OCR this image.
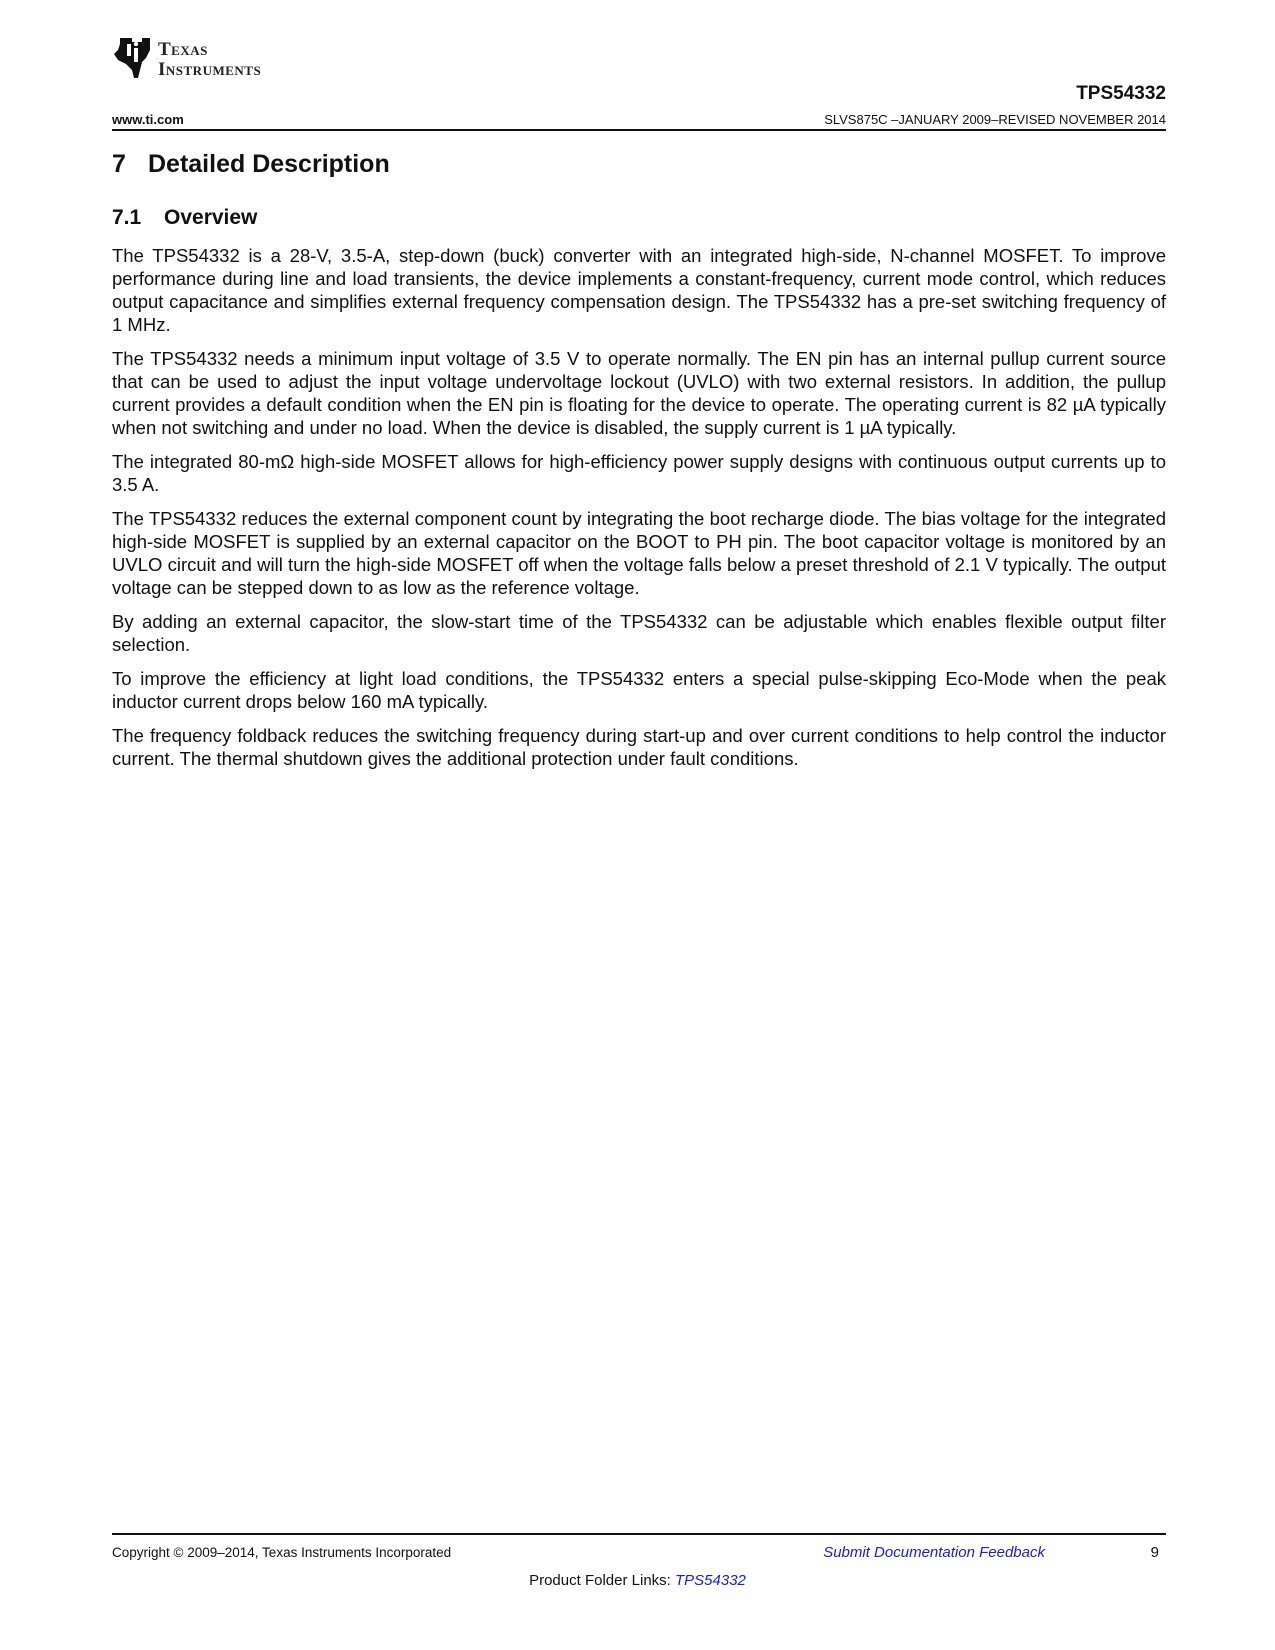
Texas
Instruments
TPS54332
www.ti.com	SLVS875C –JANUARY 2009–REVISED NOVEMBER 2014
7 Detailed Description
7.1 Overview

The TPS54332 is a 28-V, 3.5-A, step-down (buck) converter with an integrated high-side, N-channel MOSFET. To improve performance during line and load transients, the device implements a constant-frequency, current mode control, which reduces output capacitance and simplifies external frequency compensation design. The TPS54332 has a pre-set switching frequency of 1 MHz.

The TPS54332 needs a minimum input voltage of 3.5 V to operate normally. The EN pin has an internal pullup current source that can be used to adjust the input voltage undervoltage lockout (UVLO) with two external resistors. In addition, the pullup current provides a default condition when the EN pin is floating for the device to operate. The operating current is 82 µA typically when not switching and under no load. When the device is disabled, the supply current is 1 µA typically.

The integrated 80-mΩ high-side MOSFET allows for high-efficiency power supply designs with continuous output currents up to 3.5 A.

The TPS54332 reduces the external component count by integrating the boot recharge diode. The bias voltage for the integrated high-side MOSFET is supplied by an external capacitor on the BOOT to PH pin. The boot capacitor voltage is monitored by an UVLO circuit and will turn the high-side MOSFET off when the voltage falls below a preset threshold of 2.1 V typically. The output voltage can be stepped down to as low as the reference voltage.

By adding an external capacitor, the slow-start time of the TPS54332 can be adjustable which enables flexible output filter selection.

To improve the efficiency at light load conditions, the TPS54332 enters a special pulse-skipping Eco-Mode when the peak inductor current drops below 160 mA typically.

The frequency foldback reduces the switching frequency during start-up and over current conditions to help control the inductor current. The thermal shutdown gives the additional protection under fault conditions.

Copyright © 2009–2014, Texas Instruments Incorporated	Submit Documentation Feedback	9
Product Folder Links: TPS54332
